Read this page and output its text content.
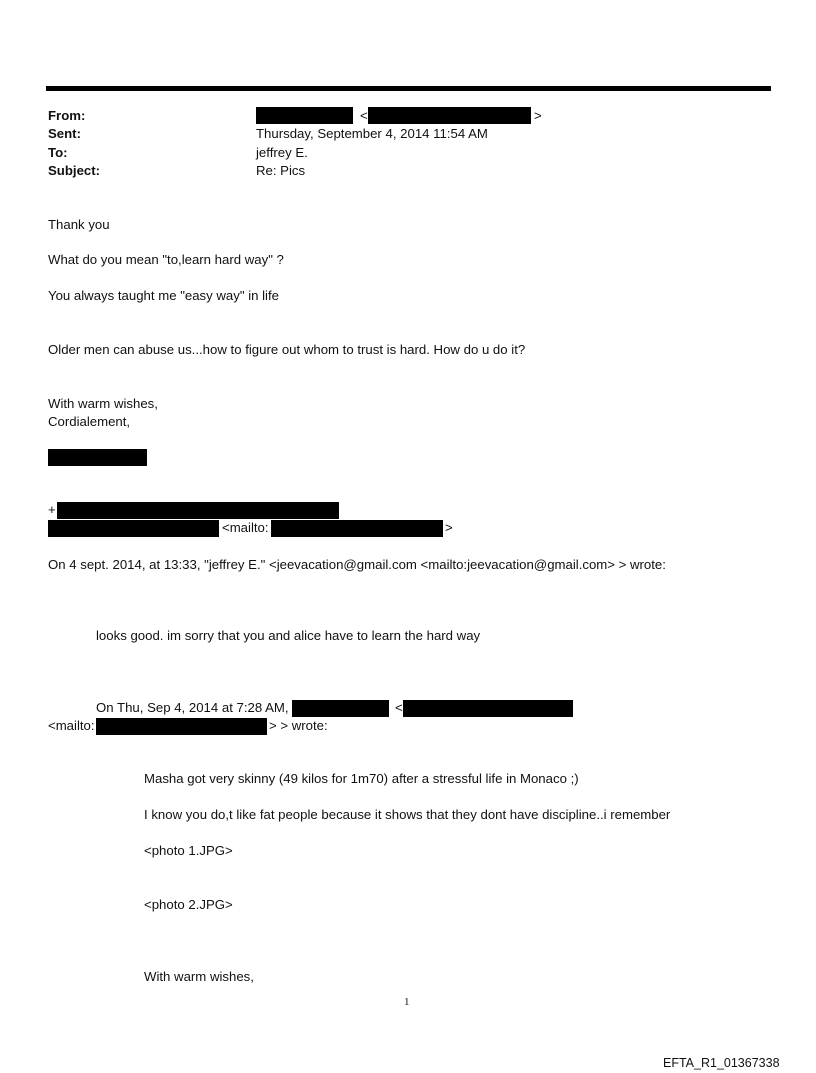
From:	<	>
Sent:	Thursday, September 4, 2014 11:54 AM
To:	jeffrey E.
Subject:	Re: Pics
Thank you
What do you mean "to,learn hard way" ?
You always taught me "easy way" in life
Older men can abuse us...how to figure out whom to trust is hard. How do u do it?
With warm wishes,
Cordialement,
+
<mailto:	>
On 4 sept. 2014, at 13:33, "jeffrey E." <jeevacation@gmail.com <mailto:jeevacation@gmail.com> > wrote:
looks good. im sorry that you and alice have to learn the hard way
On Thu, Sep 4, 2014 at 7:28 AM,	<
<mailto:	> > wrote:
Masha got very skinny (49 kilos for 1m70) after a stressful life in Monaco ;)
I know you do,t like fat people because it shows that they dont have discipline..i remember
<photo 1.JPG>
<photo 2.JPG>
With warm wishes,
1
EFTA_R1_01367338
